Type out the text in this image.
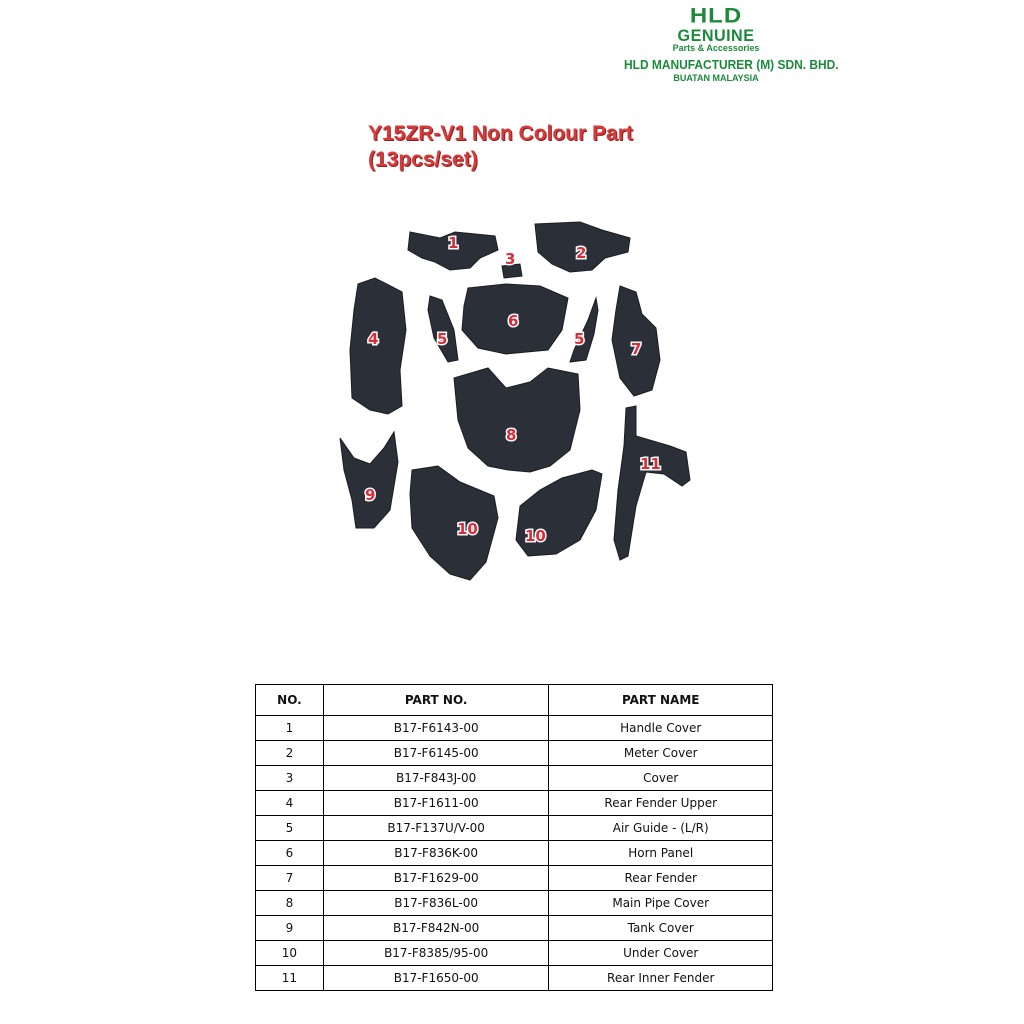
HLD
GENUINE
Parts & Accessories
HLD MANUFACTURER (M) SDN. BHD.
BUATAN MALAYSIA
Y15ZR-V1 Non Colour Part
(13pcs/set)
1
2
3
4	5	5
6
7
8
9
10	10
11
NO.	PART NO.	PART NAME
1	B17-F6143-00	Handle Cover
2	B17-F6145-00	Meter Cover
3	B17-F843J-00	Cover
4	B17-F1611-00	Rear Fender Upper
5	B17-F137U/V-00	Air Guide - (L/R)
6	B17-F836K-00	Horn Panel
7	B17-F1629-00	Rear Fender
8	B17-F836L-00	Main Pipe Cover
9	B17-F842N-00	Tank Cover
10	B17-F8385/95-00	Under Cover
11	B17-F1650-00	Rear Inner Fender
